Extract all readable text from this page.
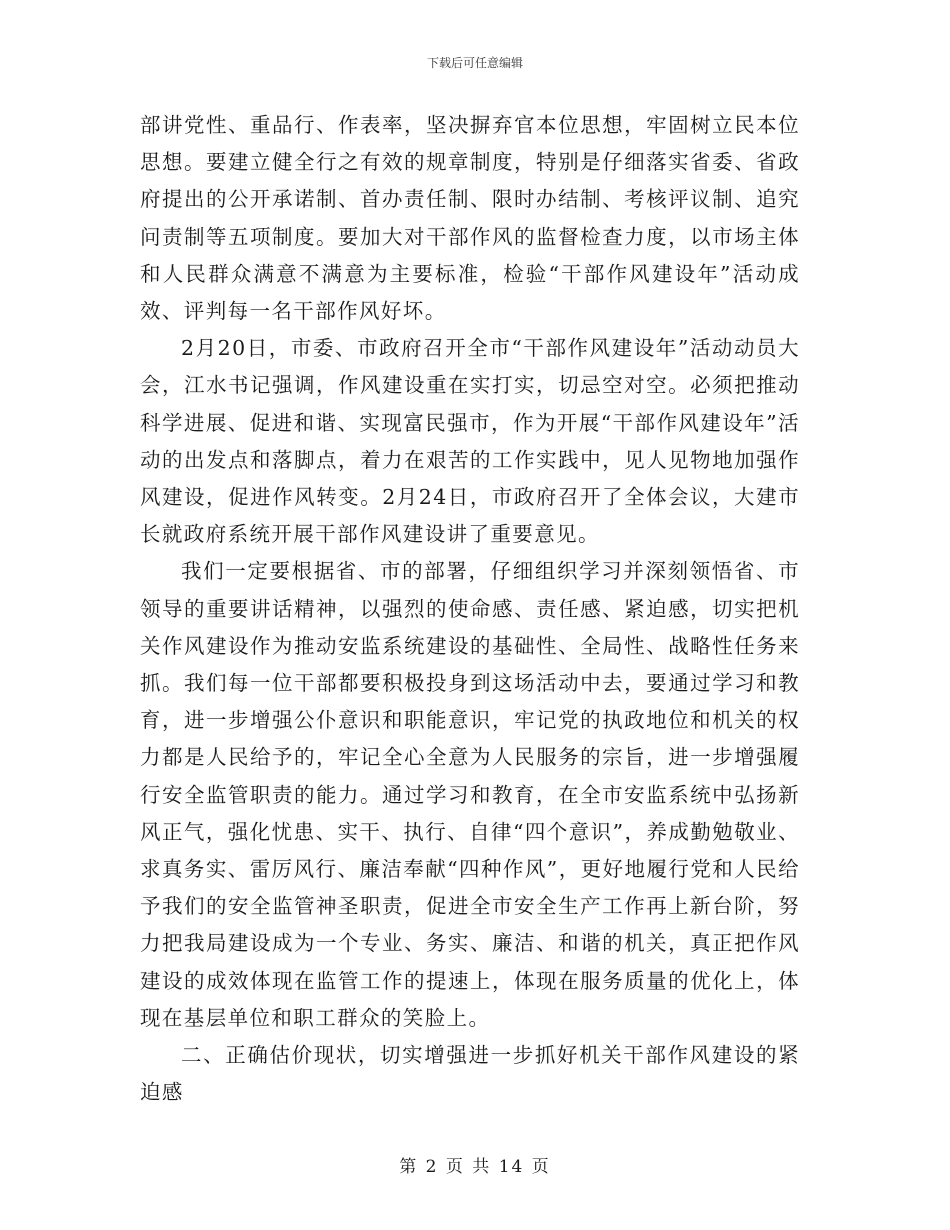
下载后可任意编辑

部讲党性、重品行、作表率，坚决摒弃官本位思想，牢固树立民本位思想。要建立健全行之有效的规章制度，特别是仔细落实省委、省政府提出的公开承诺制、首办责任制、限时办结制、考核评议制、追究问责制等五项制度。要加大对干部作风的监督检查力度，以市场主体和人民群众满意不满意为主要标准，检验“干部作风建设年”活动成效、评判每一名干部作风好坏。

2月20日，市委、市政府召开全市“干部作风建设年”活动动员大会，江水书记强调，作风建设重在实打实，切忌空对空。必须把推动科学进展、促进和谐、实现富民强市，作为开展“干部作风建设年”活动的出发点和落脚点，着力在艰苦的工作实践中，见人见物地加强作风建设，促进作风转变。2月24日，市政府召开了全体会议，大建市长就政府系统开展干部作风建设讲了重要意见。

我们一定要根据省、市的部署，仔细组织学习并深刻领悟省、市领导的重要讲话精神，以强烈的使命感、责任感、紧迫感，切实把机关作风建设作为推动安监系统建设的基础性、全局性、战略性任务来抓。我们每一位干部都要积极投身到这场活动中去，要通过学习和教育，进一步增强公仆意识和职能意识，牢记党的执政地位和机关的权力都是人民给予的，牢记全心全意为人民服务的宗旨，进一步增强履行安全监管职责的能力。通过学习和教育，在全市安监系统中弘扬新风正气，强化忧患、实干、执行、自律“四个意识”，养成勤勉敬业、求真务实、雷厉风行、廉洁奉献“四种作风”，更好地履行党和人民给予我们的安全监管神圣职责，促进全市安全生产工作再上新台阶，努力把我局建设成为一个专业、务实、廉洁、和谐的机关，真正把作风建设的成效体现在监管工作的提速上，体现在服务质量的优化上，体现在基层单位和职工群众的笑脸上。

二、正确估价现状，切实增强进一步抓好机关干部作风建设的紧迫感

第 2 页 共 14 页
